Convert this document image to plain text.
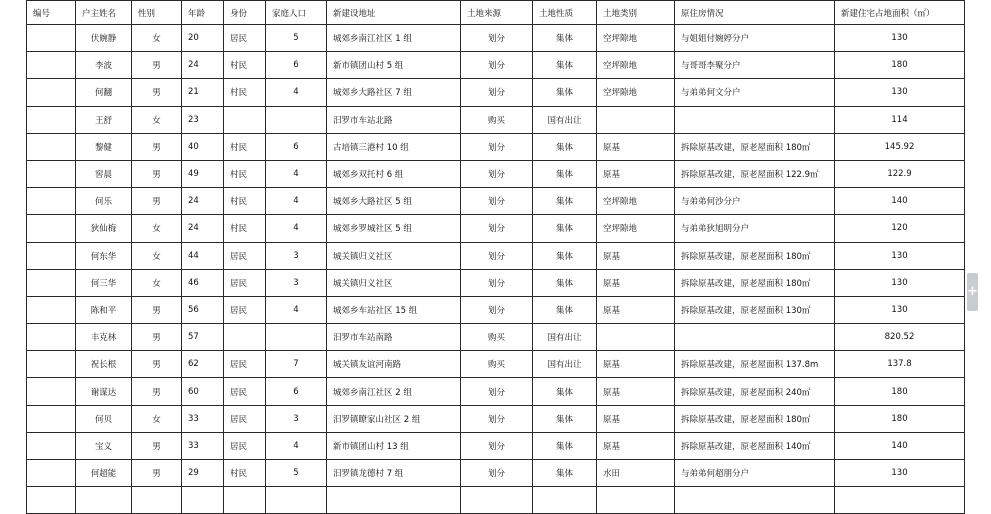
编号	户主姓名	性别	年龄	身份	家庭人口	新建设地址	土地来源	土地性质	土地类别	原住房情况	新建住宅占地面积（㎡）
	伏婉静	女	20	居民	5	城郊乡南江社区 1 组	划分	集体	空坪隙地	与姐姐付婉婷分户	130
	李波	男	24	村民	6	新市镇团山村 5 组	划分	集体	空坪隙地	与哥哥李聚分户	180
	何翻	男	21	村民	4	城郊乡大路社区 7 组	划分	集体	空坪隙地	与弟弟何文分户	130
	王舒	女	23			汨罗市车站北路	购买	国有出让			114
	黎健	男	40	村民	6	古培镇三港村 10 组	划分	集体	原基	拆除原基改建，原老屋面积 180㎡	145.92
	窖晨	男	49	村民	4	城郊乡双托村 6 组	划分	集体	原基	拆除原基改建，原老屋面积 122.9㎡	122.9
	何乐	男	24	村民	4	城郊乡大路社区 5 组	划分	集体	空坪隙地	与弟弟何沙分户	140
	狄仙梅	女	24	村民	4	城郊乡罗城社区 5 组	划分	集体	空坪隙地	与弟弟狄旭明分户	120
	何东华	女	44	居民	3	城关镇归义社区	划分	集体	原基	拆除原基改建，原老屋面积 180㎡	130
	何三华	女	46	居民	3	城关镇归义社区	划分	集体	原基	拆除原基改建，原老屋面积 180㎡	130
	陈和平	男	56	居民	4	城郊乡车站社区 15 组	划分	集体	原基	拆除原基改建，原老屋面积 130㎡	130
	丰克林	男	57			汨罗市车站南路	购买	国有出让			820.52
	祝长根	男	62	居民	7	城关镇友谊河南路	购买	国有出让	原基	拆除原基改建，原老屋面积 137.8m	137.8
	谢谋达	男	60	居民	6	城郊乡南江社区 2 组	划分	集体	原基	拆除原基改建，原老屋面积 240㎡	180
	何贝	女	33	居民	3	汨罗镇瞭家山社区 2 组	划分	集体	原基	拆除原基改建，原老屋面积 180㎡	180
	宝义	男	33	居民	4	新市镇团山村 13 组	划分	集体	原基	拆除原基改建，原老屋面积 140㎡	140
	何超能	男	29	村民	5	汨罗镇龙德村 7 组	划分	集体	水田	与弟弟何超朋分户	130

+
